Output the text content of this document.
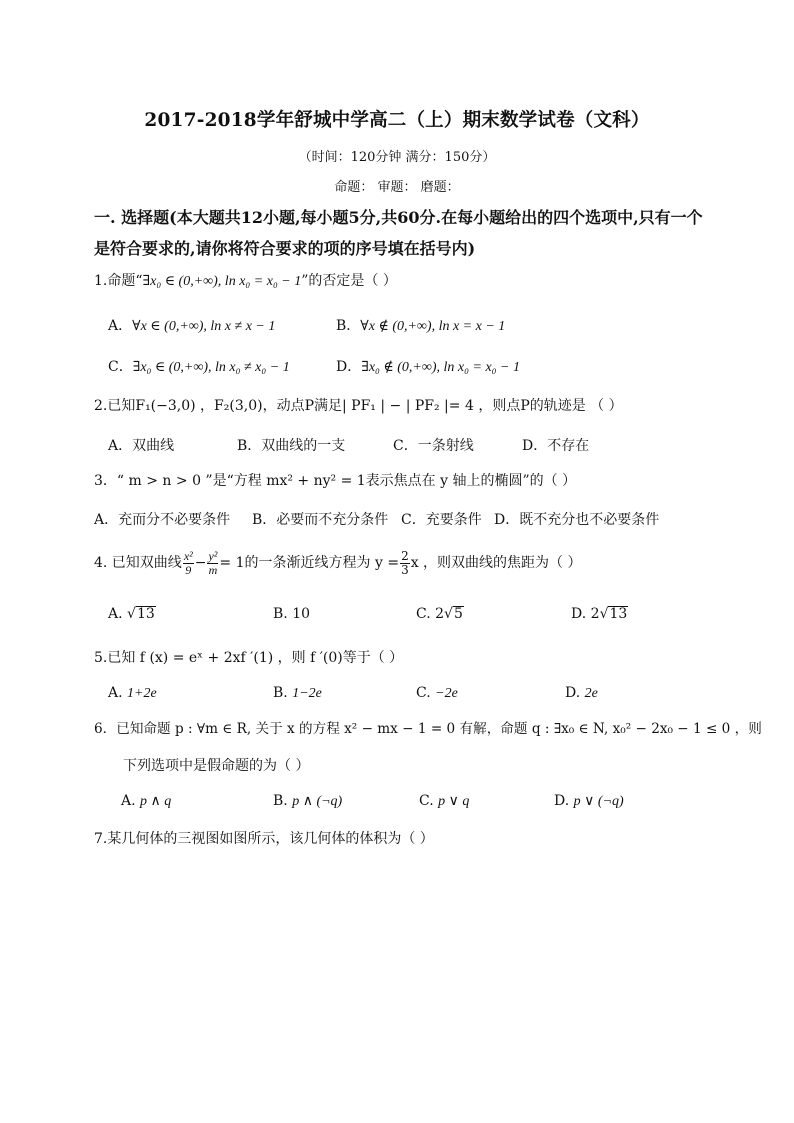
2017-2018学年舒城中学高二（上）期末数学试卷（文科）
（时间：120分钟 满分：150分）
命题： 审题： 磨题：
一. 选择题(本大题共12小题,每小题5分,共60分.在每小题给出的四个选项中,只有一个
是符合要求的,请你将符合要求的项的序号填在括号内)
1.命题“∃x₀ ∈ (0,+∞), ln x₀ = x₀ − 1”的否定是（ ）
A．∀x ∈ (0,+∞), ln x ≠ x − 1	B．∀x ∉ (0,+∞), ln x = x − 1
C．∃x₀ ∈ (0,+∞), ln x₀ ≠ x₀ − 1	D．∃x₀ ∉ (0,+∞), ln x₀ = x₀ − 1
2.已知F₁(−3,0) ，F₂(3,0)，动点P满足| PF₁ | − | PF₂ |= 4 ，则点P的轨迹是 （ ）
A．双曲线	B．双曲线的一支	C．一条射线	D．不存在
3．“ m > n > 0 ”是“方程 mx² + ny² = 1表示焦点在 y 轴上的椭圆”的（ ）
A．充而分不必要条件 B．必要而不充分条件 C．充要条件 D．既不充分也不必要条件
4. 已知双曲线 $\frac{\text{x²}}{9} - \frac{\text{y²}}{m} = 1$的一条渐近线方程为 $y = \frac{2}{3}$ x ，则双曲线的焦距为（ ）
A. √13	B. 10	C. 2√5	D. 2√13
5.已知 f (x) = eˣ + 2xf ′(1) ，则 f ′(0)等于（ ）
A. 1+2e	B. 1−2e	C. −2e	D. 2e
6．已知命题 p : ∀m ∈ R, 关于 x 的方程 x² − mx − 1 = 0 有解，命题 q : ∃x₀ ∈ N, x₀² − 2x₀ − 1 ≤ 0 ，则
下列选项中是假命题的为（ ）
A. p ∧ q	B. p ∧ (¬q)	C. p ∨ q	D. p ∨ (¬q)
7.某几何体的三视图如图所示，该几何体的体积为（ ）
